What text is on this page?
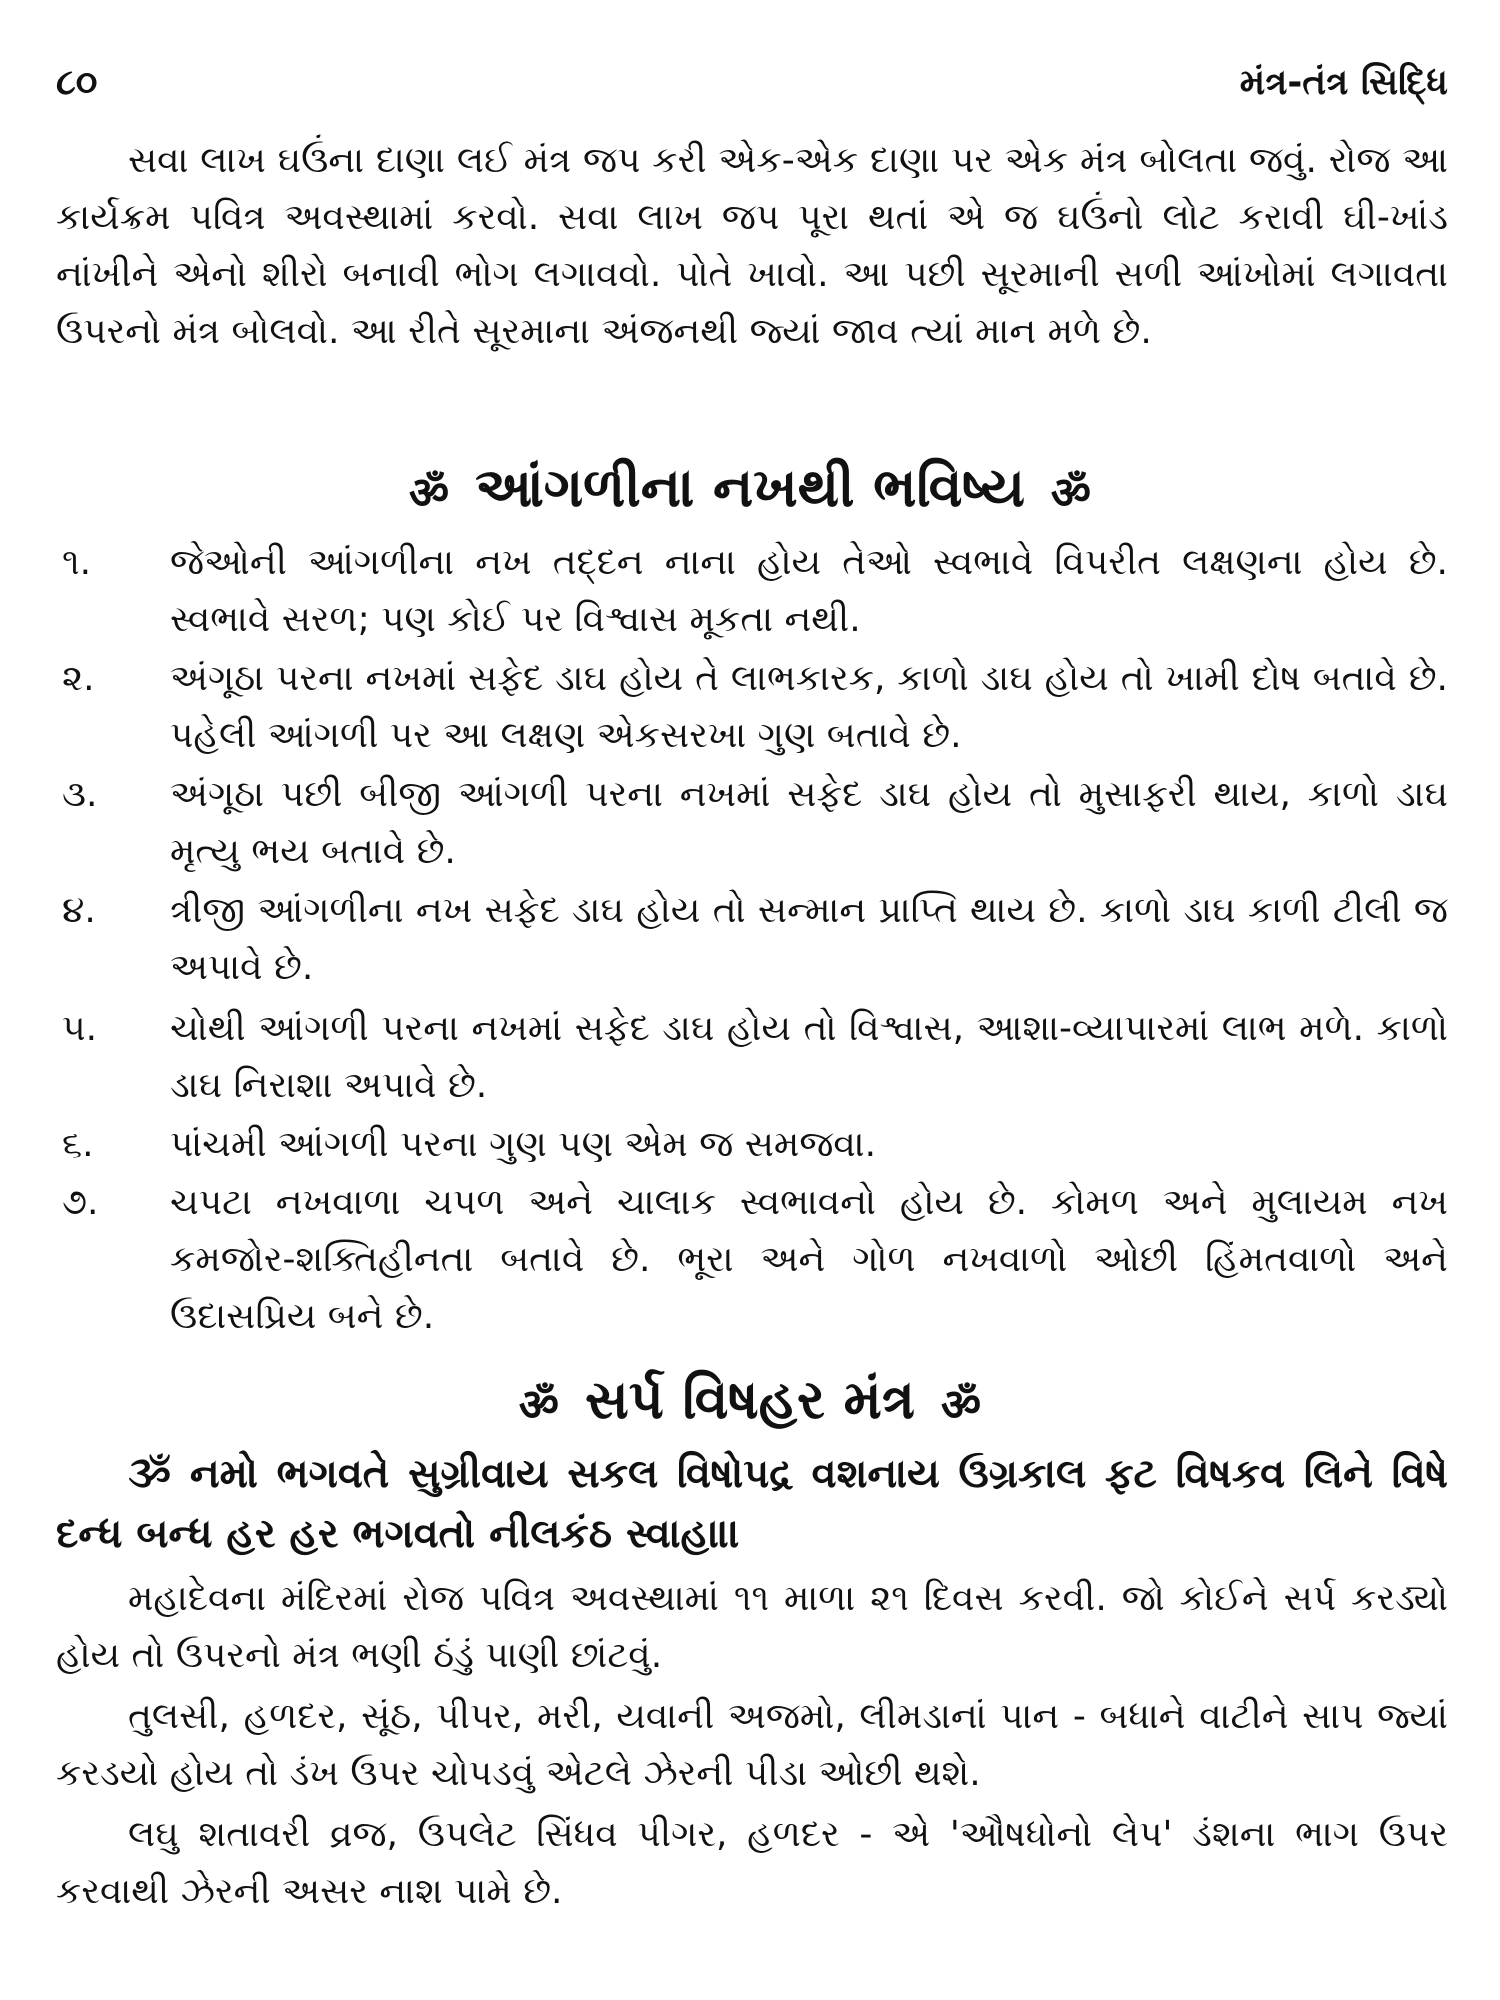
૮૦	મંત્ર-તંત્ર સિદ્ધિ
સવા લાખ ઘઉંના દાણા લઈ મંત્ર જપ કરી એક-એક દાણા પર એક મંત્ર બોલતા જવું. રોજ આ કાર્યક્રમ પવિત્ર અવસ્થામાં કરવો. સવા લાખ જપ પૂરા થતાં એ જ ઘઉંનો લોટ કરાવી ઘી-ખાંડ નાંખીને એનો શીરો બનાવી ભોગ લગાવવો. પોતે ખાવો. આ પછી સૂરમાની સળી આંખોમાં લગાવતા ઉપરનો મંત્ર બોલવો. આ રીતે સૂરમાના અંજનથી જ્યાં જાવ ત્યાં માન મળે છે.
ॐ આંગળીના નખથી ભવિષ્ય ॐ
૧.	જેઓની આંગળીના નખ તદ્દન નાના હોય તેઓ સ્વભાવે વિપરીત લક્ષણના હોય છે. સ્વભાવે સરળ; પણ કોઈ પર વિશ્વાસ મૂકતા નથી.
૨.	અંગૂઠા પરના નખમાં સફેદ ડાઘ હોય તે લાભકારક, કાળો ડાઘ હોય તો ખામી દોષ બતાવે છે. પહેલી આંગળી પર આ લક્ષણ એકસરખા ગુણ બતાવે છે.
૩.	અંગૂઠા પછી બીજી આંગળી પરના નખમાં સફેદ ડાઘ હોય તો મુસાફરી થાય, કાળો ડાઘ મૃત્યુ ભય બતાવે છે.
૪.	ત્રીજી આંગળીના નખ સફેદ ડાઘ હોય તો સન્માન પ્રાપ્તિ થાય છે. કાળો ડાઘ કાળી ટીલી જ અપાવે છે.
૫.	ચોથી આંગળી પરના નખમાં સફેદ ડાઘ હોય તો વિશ્વાસ, આશા-વ્યાપારમાં લાભ મળે. કાળો ડાઘ નિરાશા અપાવે છે.
૬.	પાંચમી આંગળી પરના ગુણ પણ એમ જ સમજવા.
૭.	ચપટા નખવાળા ચપળ અને ચાલાક સ્વભાવનો હોય છે. કોમળ અને મુલાયમ નખ કમજોર-શક્તિહીનતા બતાવે છે. ભૂરા અને ગોળ નખવાળો ઓછી હિંમતવાળો અને ઉદાસપ્રિય બને છે.
ॐ સર્પ વિષહર મંત્ર ॐ
ૐ નમો ભગવતે સુગ્રીવાય સકલ વિષોપદ્ર વશનાય ઉગ્રકાલ ફટ વિષકવ લિને વિષે દન્ધ બન્ધ હર હર ભગવતો નીલકંઠ સ્વાહા।।
મહાદેવના મંદિરમાં રોજ પવિત્ર અવસ્થામાં ૧૧ માળા ૨૧ દિવસ કરવી. જો કોઈને સર્પ કરડ્યો હોય તો ઉપરનો મંત્ર ભણી ઠંડું પાણી છાંટવું.
તુલસી, હળદર, સૂંઠ, પીપર, મરી, યવાની અજમો, લીમડાનાં પાન - બધાને વાટીને સાપ જ્યાં કરડયો હોય તો ડંખ ઉપર ચોપડવું એટલે ઝેરની પીડા ઓછી થશે.
લઘુ શતાવરી વ્રજ, ઉપલેટ સિંધવ પીગર, હળદર - એ 'ઔષધોનો લેપ' ડંશના ભાગ ઉપર કરવાથી ઝેરની અસર નાશ પામે છે.
